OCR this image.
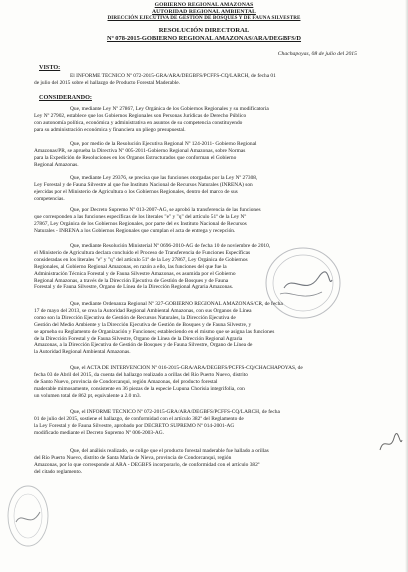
GOBIERNO REGIONAL AMAZONAS
AUTORIDAD REGIONAL AMBIENTAL
DIRECCIÓN EJECUTIVA DE GESTIÓN DE BOSQUES Y DE FAUNA SILVESTRE
RESOLUCIÓN DIRECTORAL
Nº 078-2015-GOBIERNO REGIONAL AMAZONAS/ARA/DEGBFS/D
Chachapoyas, 08 de julio del 2015
VISTO:
El INFORME TÉCNICO Nº 072-2015-GRA/ARA/DEGBFS/PCFFS-CQ/LARCH, de fecha 01
de julio del 2015 sobre el hallazgo de Producto Forestal Maderable.
CONSIDERANDO:
Que, mediante Ley Nº 27867, Ley Orgánica de los Gobiernos Regionales y su modificatoria
Ley Nº 27902, establece que los Gobiernos Regionales son Personas Jurídicas de Derecho Público
con autonomía política, económica y administrativa en asuntos de su competencia constituyendo
para su administración económica y financiera un pliego presupuestal.
Que, por medio de la Resolución Ejecutiva Regional Nº 124-2011- Gobierno Regional
Amazonas/PR, se aprueba la Directiva Nº 005-2011-Gobierno Regional Amazonas, sobre Normas
para la Expedición de Resoluciones en los Órganos Estructurados que conforman el Gobierno
Regional Amazonas.
Que, mediante Ley 29376, se precisa que las funciones otorgadas por la Ley Nº 27308,
Ley Forestal y de Fauna Silvestre al que fue Instituto Nacional de Recursos Naturales (INRENA) son
ejercidas por el Ministerio de Agricultura o los Gobiernos Regionales, dentro del marco de sus
competencias.
Que, por Decreto Supremo Nº 013-2007-AG, se aprobó la transferencia de las funciones
que corresponden a las funciones específicas de los literales "e" y "q" del artículo 51º de la Ley Nº
27867, Ley Orgánica de los Gobiernos Regionales, por parte del ex Instituto Nacional de Recursos
Naturales - INRENA a los Gobiernos Regionales que cumplan el acta de entrega y recepción.
Que, mediante Resolución Ministerial Nº 0696-2010-AG de fecha 10 de noviembre de 2010,
el Ministerio de Agricultura declara concluido el Proceso de Transferencia de Funciones Específicas
consideradas en los literales "e" y "q" del artículo 51º de la Ley 27867, Ley Orgánica de Gobiernos
Regionales, al Gobierno Regional Amazonas, en razón a ello, las funciones del que fue la
Administración Técnica Forestal y de Fauna Silvestre Amazonas, es asumida por el Gobierno
Regional Amazonas, a través de la Dirección Ejecutiva de Gestión de Bosques y de Fauna
Forestal y de Fauna Silvestre, Órgano de Línea de la Dirección Regional Agraria Amazonas.
Que, mediante Ordenanza Regional Nº 327-GOBIERNO REGIONAL AMAZONAS/CR, de fecha
17 de mayo del 2013, se crea la Autoridad Regional Ambiental Amazonas, con sus Órganos de Línea
como son la Dirección Ejecutiva de Gestión de Recursos Naturales, la Dirección Ejecutiva de
Gestión del Medio Ambiente y la Dirección Ejecutiva de Gestión de Bosques y de Fauna Silvestre, y
se aprueba su Reglamento de Organización y Funciones; estableciendo en el mismo que se asigna las funciones
de la Dirección Forestal y de Fauna Silvestre, Órgano de Línea de la Dirección Regional Agraria
Amazonas, a la Dirección Ejecutiva de Gestión de Bosques y de Fauna Silvestre, Órgano de Línea de
la Autoridad Regional Ambiental Amazonas.
Que, el ACTA DE INTERVENCIÓN Nº 016-2015-GRA/ARA/DEGBFS/PCFFS-CQ/CHACHAPOYAS, de
fecha 03 de Abril del 2015, da cuenta del hallazgo realizado a orillas del Río Puerto Nuevo, distrito
de Santo Nuevo, provincia de Condorcanqui, región Amazonas, del producto forestal
maderable mimosamente, consistente en 36 piezas de la especie Lupuna Chorisia integrifolia, con
un volumen total de 862 pt, equivalente a 2.0 m3.
Que, el INFORME TÉCNICO Nº 072-2015-GRA/ARA/DEGBFS/PCFFS-CQ/LARCH, de fecha
01 de julio del 2015, sostiene el hallazgo, de conformidad con el artículo 382º del Reglamento de
la Ley Forestal y de Fauna Silvestre, aprobado por DECRETO SUPREMO Nº 014-2001-AG
modificado mediante el Decreto Supremo Nº 006-2003-AG.
Que, del análisis realizado, se colige que el producto forestal maderable fue hallado a orillas
del Río Puerto Nuevo, distrito de Santa María de Nieva, provincia de Condorcanqui, región
Amazonas, por lo que corresponde al ARA - DEGBFS incorporarlo, de conformidad con el artículo 382º
del citado reglamento.
